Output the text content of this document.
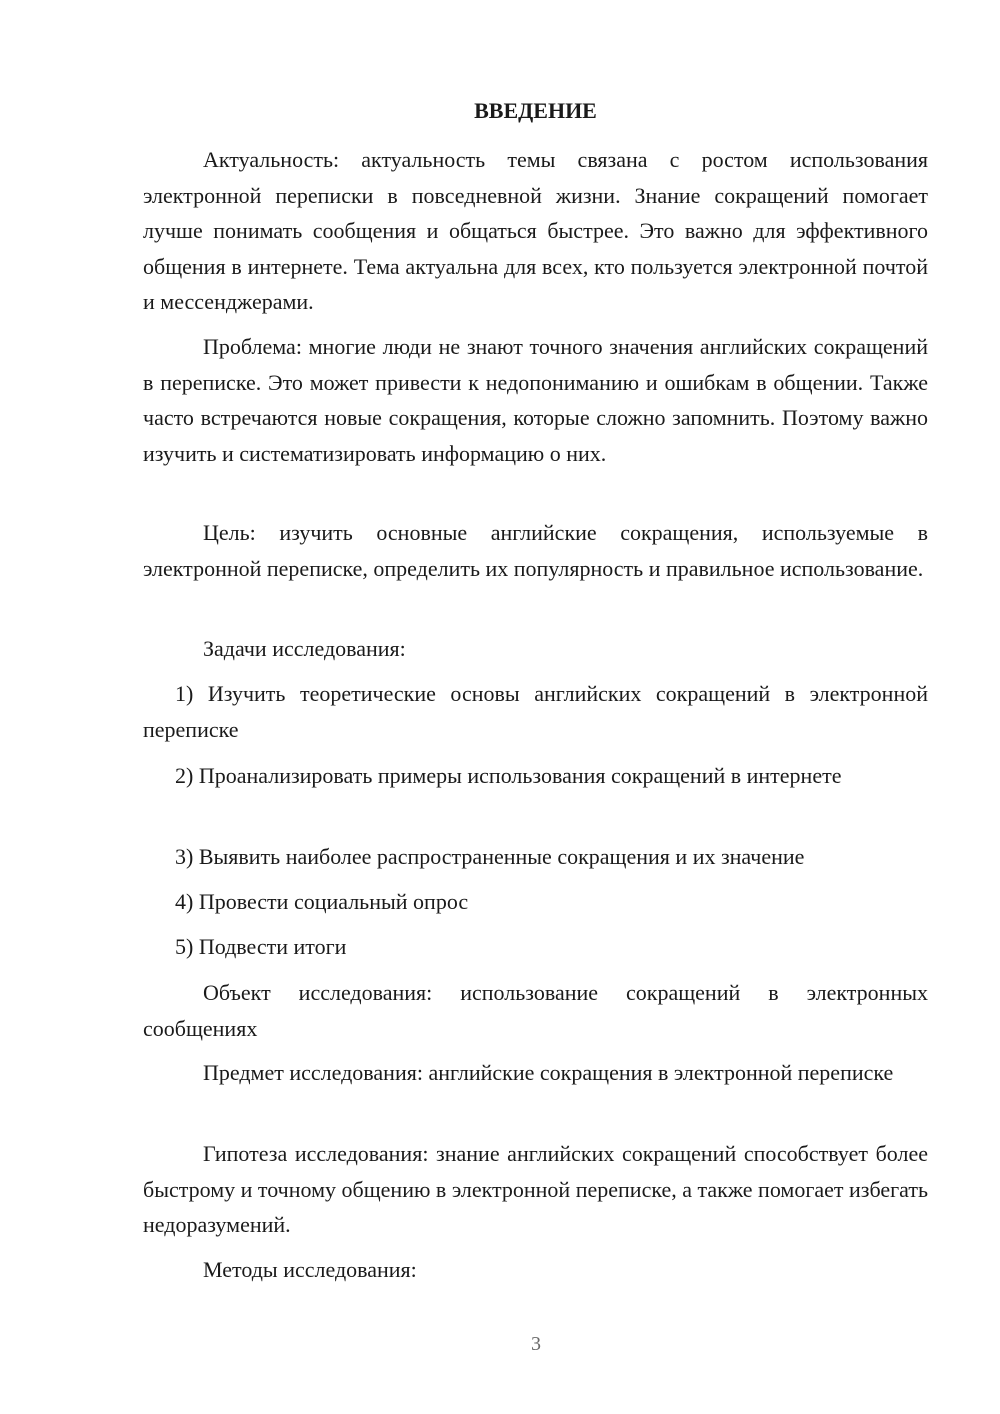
ВВЕДЕНИЕ

Актуальность: актуальность темы связана с ростом использования электронной переписки в повседневной жизни. Знание сокращений помогает лучше понимать сообщения и общаться быстрее. Это важно для эффективного общения в интернете. Тема актуальна для всех, кто пользуется электронной почтой и мессенджерами.

Проблема: многие люди не знают точного значения английских сокращений в переписке. Это может привести к недопониманию и ошибкам в общении. Также часто встречаются новые сокращения, которые сложно запомнить. Поэтому важно изучить и систематизировать информацию о них.

Цель: изучить основные английские сокращения, используемые в электронной переписке, определить их популярность и правильное использование.

Задачи исследования:

1) Изучить теоретические основы английских сокращений в электронной переписке

2) Проанализировать примеры использования сокращений в интернете

3) Выявить наиболее распространенные сокращения и их значение

4) Провести социальный опрос

5) Подвести итоги

Объект исследования: использование сокращений в электронных сообщениях

Предмет исследования: английские сокращения в электронной переписке

Гипотеза исследования: знание английских сокращений способствует более быстрому и точному общению в электронной переписке, а также помогает избегать недоразумений.

Методы исследования:

3
